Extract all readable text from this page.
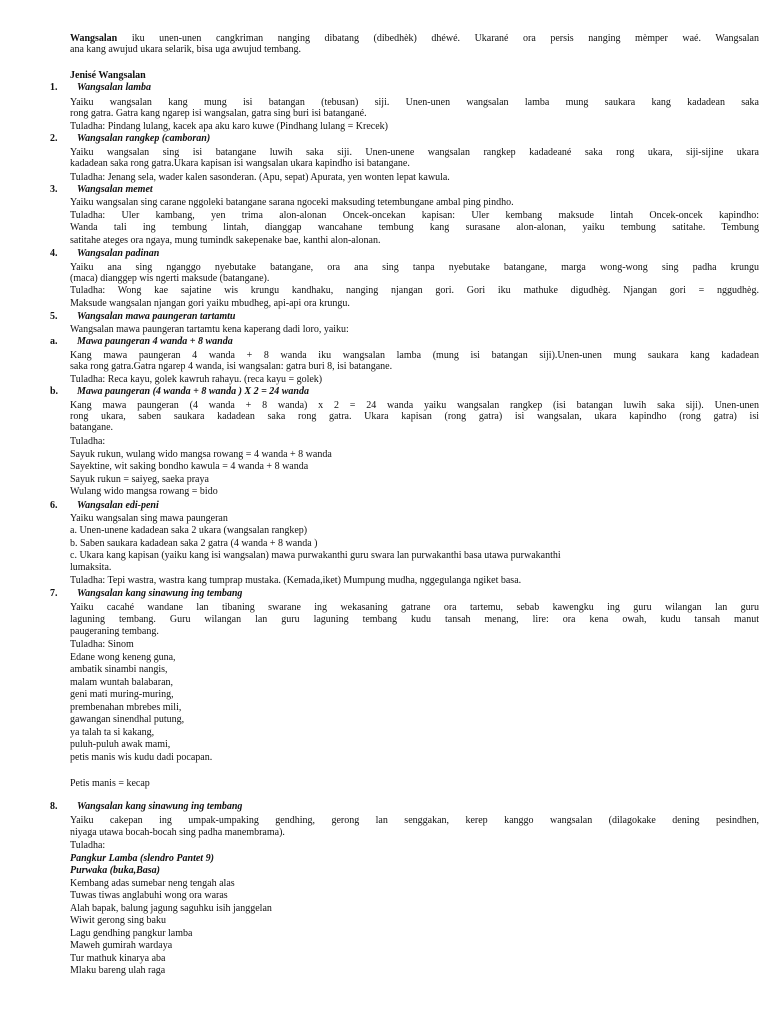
Wangsalan iku unen-unen cangkriman nanging dibatang (dibedhèk) dhéwé. Ukarané ora persis nanging mèmper waé. Wangsalan
ana kang awujud ukara selarik, bisa uga awujud tembang.
Jenisé Wangsalan
1. Wangsalan lamba
Yaiku wangsalan kang mung isi batangan (tebusan) siji. Unen-unen wangsalan lamba mung saukara kang kadadean saka
rong gatra. Gatra kang ngarep isi wangsalan, gatra sing buri isi batangané.
Tuladha: Pindang lulang, kacek apa aku karo kuwe (Pindhang lulang = Krecek)
2. Wangsalan rangkep (camboran)
Yaiku wangsalan sing isi batangane luwih saka siji. Unen-unene wangsalan rangkep kadadeané saka rong ukara, siji-sijine ukara
kadadean saka rong gatra.Ukara kapisan isi wangsalan ukara kapindho isi batangane.
Tuladha: Jenang sela, wader kalen sasonderan. (Apu, sepat) Apurata, yen wonten lepat kawula.
3. Wangsalan memet
Yaiku wangsalan sing carane nggoleki batangane sarana ngoceki maksuding tetembungane ambal ping pindho.
Tuladha: Uler kambang, yen trima alon-alonan Oncek-oncekan kapisan: Uler kembang maksude lintah Oncek-oncek kapindho:
Wanda tali ing tembung lintah, dianggap wancahane tembung kang surasane alon-alonan, yaiku tembung satitahe. Tembung
satitahe ateges ora ngaya, mung tumindk sakepenake bae, kanthi alon-alonan.
4. Wangsalan padinan
Yaiku ana sing nganggo nyebutake batangane, ora ana sing tanpa nyebutake batangane, marga wong-wong sing padha krungu
(maca) dianggep wis ngerti maksude (batangane).
Tuladha: Wong kae sajatine wis krungu kandhaku, nanging njangan gori. Gori iku mathuke digudhèg. Njangan gori = nggudhèg.
Maksude wangsalan njangan gori yaiku mbudheg, api-api ora krungu.
5. Wangsalan mawa paungeran tartamtu
Wangsalan mawa paungeran tartamtu kena kaperang dadi loro, yaiku:
a. Mawa paungeran 4 wanda + 8 wanda
Kang mawa paungeran 4 wanda + 8 wanda iku wangsalan lamba (mung isi batangan siji).Unen-unen mung saukara kang kadadean
saka rong gatra.Gatra ngarep 4 wanda, isi wangsalan: gatra buri 8, isi batangane.
Tuladha: Reca kayu, golek kawruh rahayu. (reca kayu = golek)
b. Mawa paungeran (4 wanda + 8 wanda ) X 2 = 24 wanda
Kang mawa paungeran (4 wanda + 8 wanda) x 2 = 24 wanda yaiku wangsalan rangkep (isi batangan luwih saka siji). Unen-unen
rong ukara, saben saukara kadadean saka rong gatra. Ukara kapisan (rong gatra) isi wangsalan, ukara kapindho (rong gatra) isi
batangane.
Tuladha:
Sayuk rukun, wulang wido mangsa rowang = 4 wanda + 8 wanda
Sayektine, wit saking bondho kawula = 4 wanda + 8 wanda
Sayuk rukun = saiyeg, saeka praya
Wulang wido mangsa rowang = bido
6. Wangsalan edi-peni
Yaiku wangsalan sing mawa paungeran
a. Unen-unene kadadean saka 2 ukara (wangsalan rangkep)
b. Saben saukara kadadean saka 2 gatra (4 wanda + 8 wanda )
c. Ukara kang kapisan (yaiku kang isi wangsalan) mawa purwakanthi guru swara lan purwakanthi basa utawa purwakanthi
lumaksita.
Tuladha: Tepi wastra, wastra kang tumprap mustaka. (Kemada,iket) Mumpung mudha, nggegulanga ngiket basa.
7. Wangsalan kang sinawung ing tembang
Yaiku cacahé wandane lan tibaning swarane ing wekasaning gatrane ora tartemu, sebab kawengku ing guru wilangan lan guru
laguning tembang. Guru wilangan lan guru laguning tembang kudu tansah menang, lire: ora kena owah, kudu tansah manut
paugeraning tembang.
Tuladha: Sinom
Edane wong keneng guna,
ambatik sinambi nangis,
malam wuntah balabaran,
geni mati muring-muring,
prembenahan mbrebes mili,
gawangan sinendhal putung,
ya talah ta si kakang,
puluh-puluh awak mami,
petis manis wis kudu dadi pocapan.
Petis manis = kecap
8. Wangsalan kang sinawung ing tembang
Yaiku cakepan ing umpak-umpaking gendhing, gerong lan senggakan, kerep kanggo wangsalan (dilagokake dening pesindhen,
niyaga utawa bocah-bocah sing padha manembrama).
Tuladha:
Pangkur Lamba (slendro Pantet 9)
Purwaka (buka,Basa)
Kembang adas sumebar neng tengah alas
Tuwas tiwas anglabuhi wong ora waras
Alah bapak, balung jagung saguhku isih janggelan
Wiwit gerong sing baku
Lagu gendhing pangkur lamba
Maweh gumirah wardaya
Tur mathuk kinarya aba
Mlaku bareng ulah raga
